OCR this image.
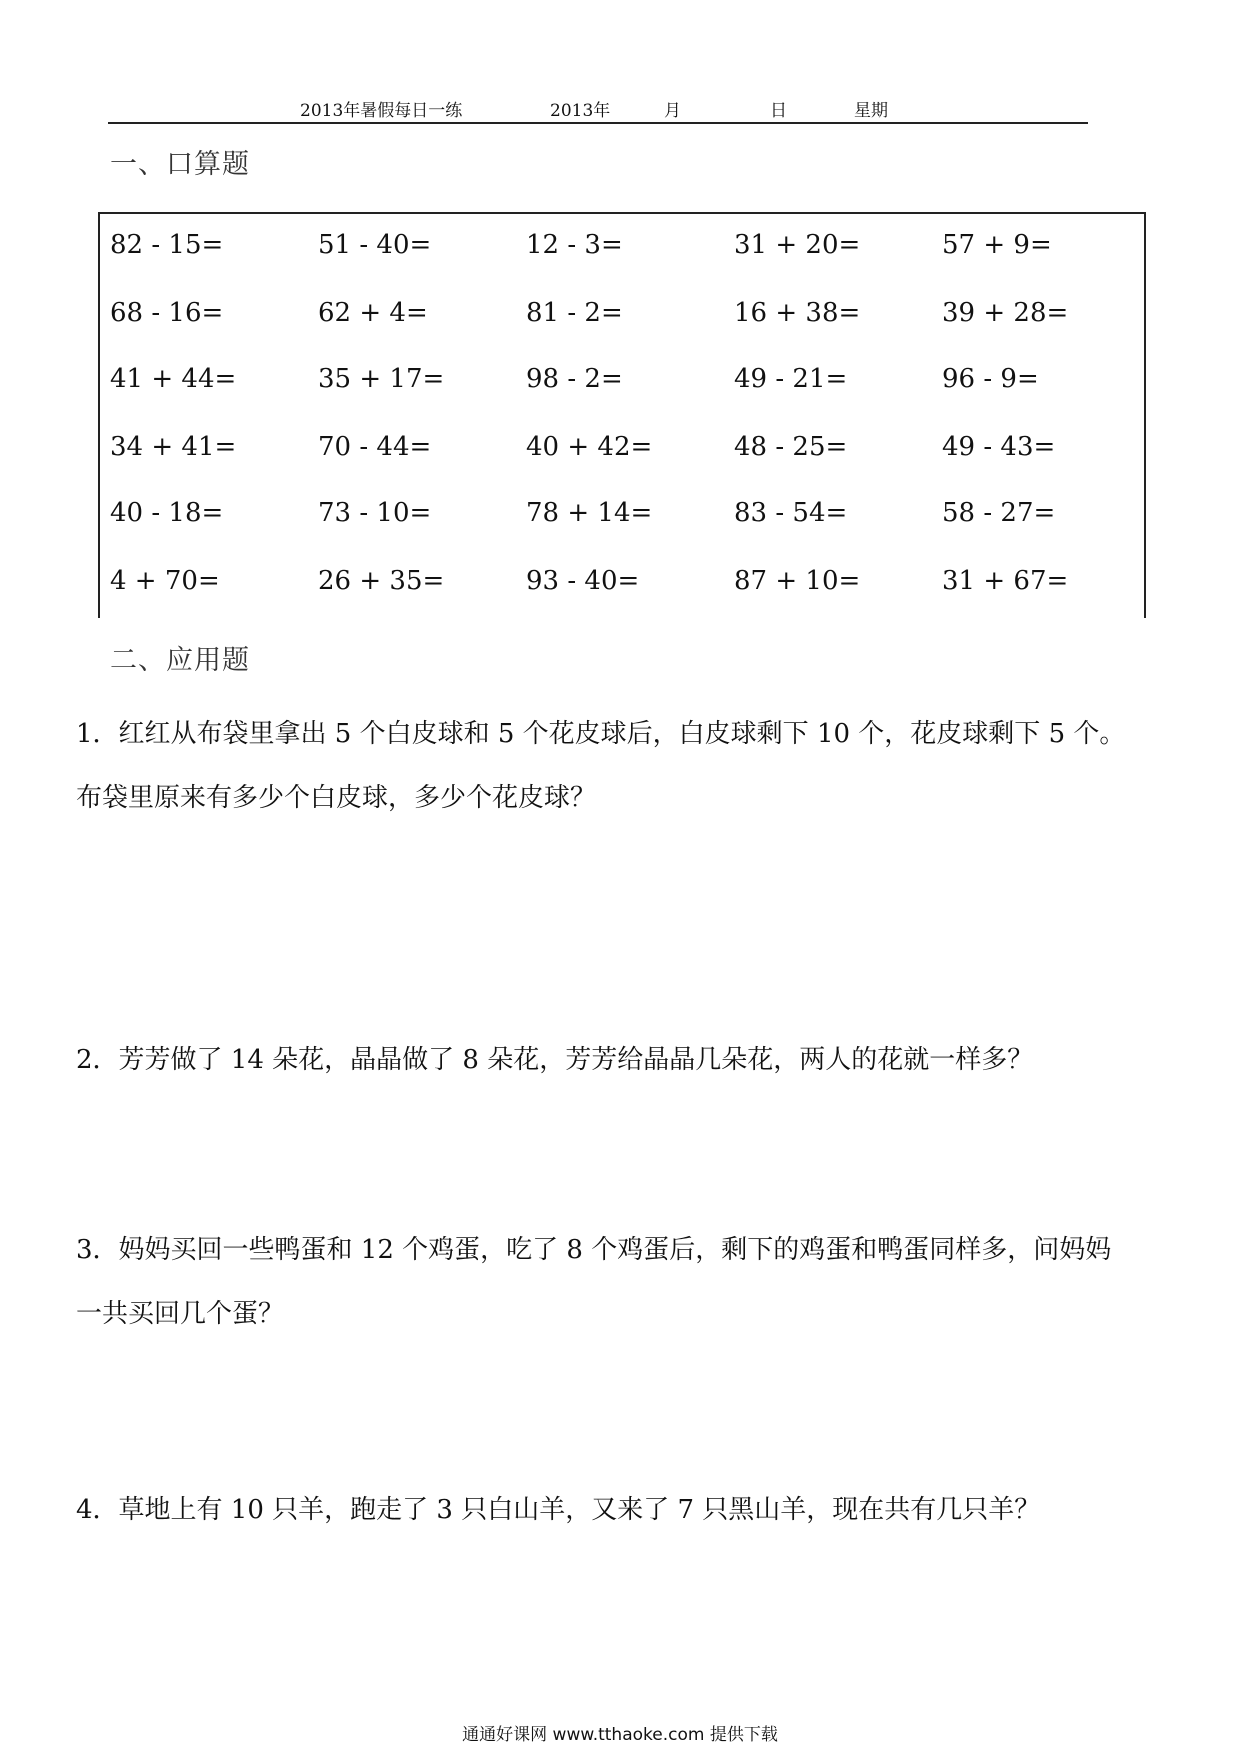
2013年暑假每日一练	2013年	月	日	星期
一、口算题
82 - 15=	51 - 40=	12 - 3=	31 + 20=	57 + 9=
68 - 16=	62 + 4=	81 - 2=	16 + 38=	39 + 28=
41 + 44=	35 + 17=	98 - 2=	49 - 21=	96 - 9=
34 + 41=	70 - 44=	40 + 42=	48 - 25=	49 - 43=
40 - 18=	73 - 10=	78 + 14=	83 - 54=	58 - 27=
4 + 70=	26 + 35=	93 - 40=	87 + 10=	31 + 67=
二、应用题
1．红红从布袋里拿出 5 个白皮球和 5 个花皮球后，白皮球剩下 10 个，花皮球剩下 5 个。
布袋里原来有多少个白皮球，多少个花皮球？
2．芳芳做了 14 朵花，晶晶做了 8 朵花，芳芳给晶晶几朵花，两人的花就一样多？
3．妈妈买回一些鸭蛋和 12 个鸡蛋，吃了 8 个鸡蛋后，剩下的鸡蛋和鸭蛋同样多，问妈妈
一共买回几个蛋？
4．草地上有 10 只羊，跑走了 3 只白山羊，又来了 7 只黑山羊，现在共有几只羊？
通通好课网 www.tthaoke.com 提供下载
